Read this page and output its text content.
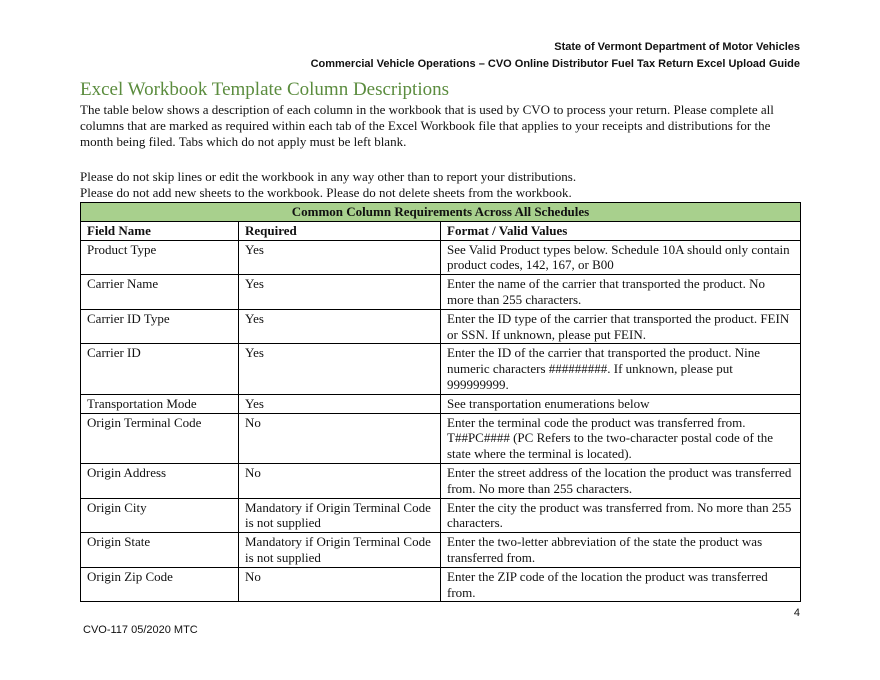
State of Vermont Department of Motor Vehicles
Commercial Vehicle Operations – CVO Online Distributor Fuel Tax Return Excel Upload Guide
Excel Workbook Template Column Descriptions
The table below shows a description of each column in the workbook that is used by CVO to process your return. Please complete all columns that are marked as required within each tab of the Excel Workbook file that applies to your receipts and distributions for the month being filed. Tabs which do not apply must be left blank.
Please do not skip lines or edit the workbook in any way other than to report your distributions.
Please do not add new sheets to the workbook. Please do not delete sheets from the workbook.
Common Column Requirements Across All Schedules		
Field Name	Required	Format / Valid Values
Product Type	Yes	See Valid Product types below. Schedule 10A should only contain product codes, 142, 167, or B00
Carrier Name	Yes	Enter the name of the carrier that transported the product. No more than 255 characters.
Carrier ID Type	Yes	Enter the ID type of the carrier that transported the product. FEIN or SSN. If unknown, please put FEIN.
Carrier ID	Yes	Enter the ID of the carrier that transported the product. Nine numeric characters #########. If unknown, please put 999999999.
Transportation Mode	Yes	See transportation enumerations below
Origin Terminal Code	No	Enter the terminal code the product was transferred from. T##PC#### (PC Refers to the two-character postal code of the state where the terminal is located).
Origin Address	No	Enter the street address of the location the product was transferred from. No more than 255 characters.
Origin City	Mandatory if Origin Terminal Code is not supplied	Enter the city the product was transferred from. No more than 255 characters.
Origin State	Mandatory if Origin Terminal Code is not supplied	Enter the two-letter abbreviation of the state the product was transferred from.
Origin Zip Code	No	Enter the ZIP code of the location the product was transferred from.
4
CVO-117 05/2020 MTC
